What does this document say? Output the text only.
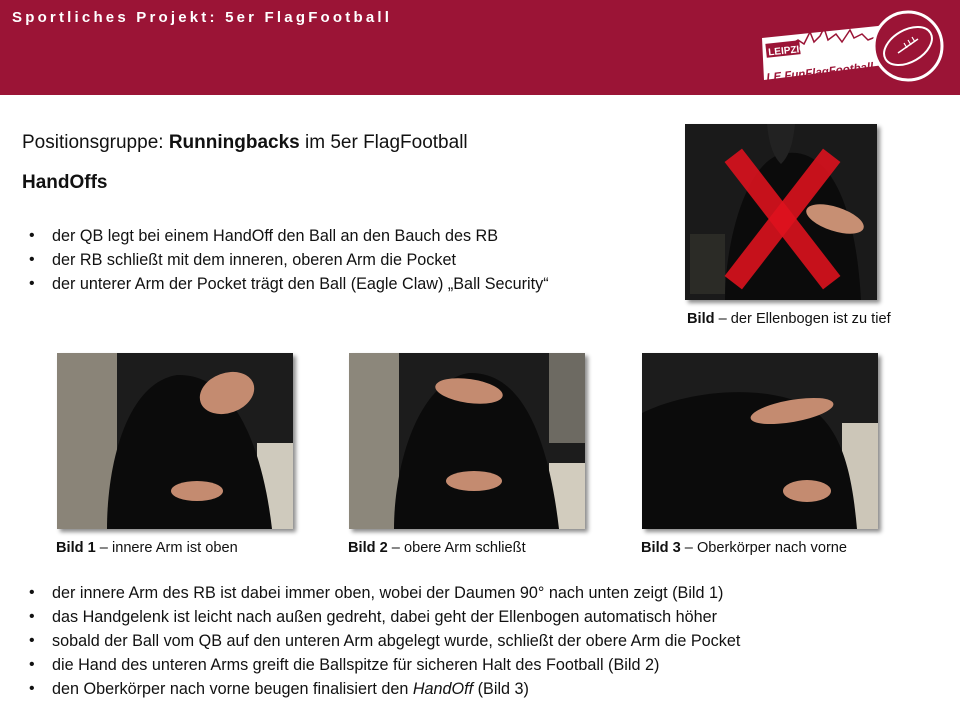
Sportliches Projekt: 5er FlagFootball
LEIPZIG
LE FunFlagFootball
Positionsgruppe: Runningbacks im 5er FlagFootball
HandOffs
• der QB legt bei einem HandOff den Ball an den Bauch des RB
• der RB schließt mit dem inneren, oberen Arm die Pocket
• der unterer Arm der Pocket trägt den Ball (Eagle Claw) „Ball Security“
Bild – der Ellenbogen ist zu tief
Bild 1 – innere Arm ist oben	Bild 2 – obere Arm schließt	Bild 3 – Oberkörper nach vorne
• der innere Arm des RB ist dabei immer oben, wobei der Daumen 90° nach unten zeigt (Bild 1)
• das Handgelenk ist leicht nach außen gedreht, dabei geht der Ellenbogen automatisch höher
• sobald der Ball vom QB auf den unteren Arm abgelegt wurde, schließt der obere Arm die Pocket
• die Hand des unteren Arms greift die Ballspitze für sicheren Halt des Football (Bild 2)
• den Oberkörper nach vorne beugen finalisiert den HandOff (Bild 3)
